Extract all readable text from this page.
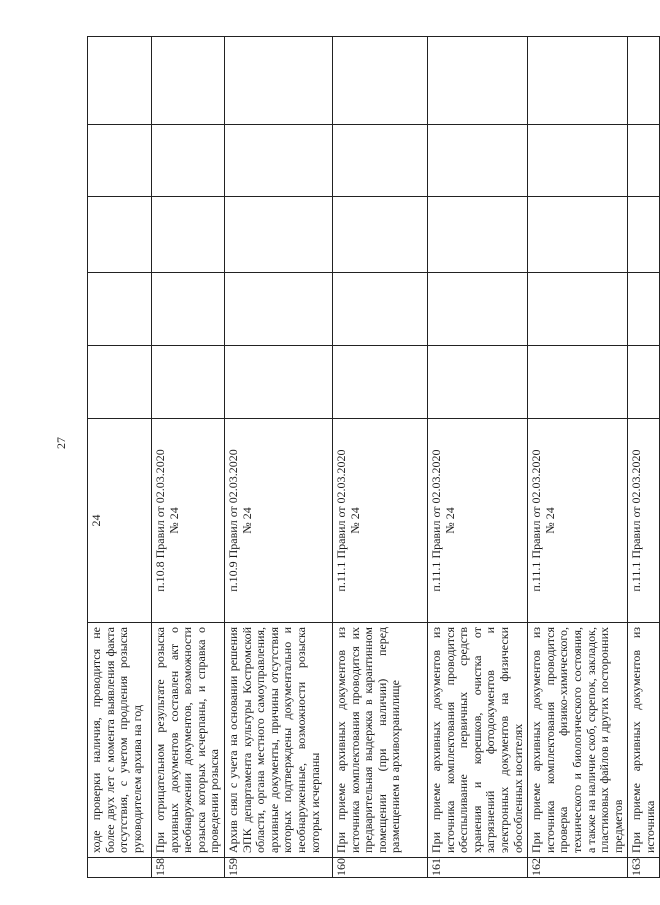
27
	ходе проверки наличия, проводится не более двух лет с момента выявления факта отсутствия, с учетом продления розыска руководителем архива на год	24					

158	При отрицательном результате розыска архивных документов составлен акт о необнаружении документов, возможности розыска которых исчерпаны, и справка о проведении розыска	п.10.8 Правил от 02.03.2020 № 24					

159	Архив снял с учета на основании решения ЭПК департамента культуры Костромской области, органа местного самоуправления, архивные документы, причины отсутствия которых подтверждены документально и необнаруженные, возможности розыска которых исчерпаны	п.10.9 Правил от 02.03.2020 № 24					

160	При приеме архивных документов из источника комплектования проводится их предварительная выдержка в карантинном помещении (при наличии) перед размещением в архивохранилище	п.11.1 Правил от 02.03.2020 № 24					

161	При приеме архивных документов из источника комплектования проводится обеспыливание первичных средств хранения и корешков, очистка от загрязнений фотодокументов и электронных документов на физически обособленных носителях	п.11.1 Правил от 02.03.2020 № 24					

162	При приеме архивных документов из источника комплектования проводится проверка физико-химического, технического и биологического состояния, а также на наличие скоб, скрепок, закладок, пластиковых файлов и других посторонних предметов	п.11.1 Правил от 02.03.2020 № 24					

163	При приеме архивных документов из источника	п.11.1 Правил от 02.03.2020					
